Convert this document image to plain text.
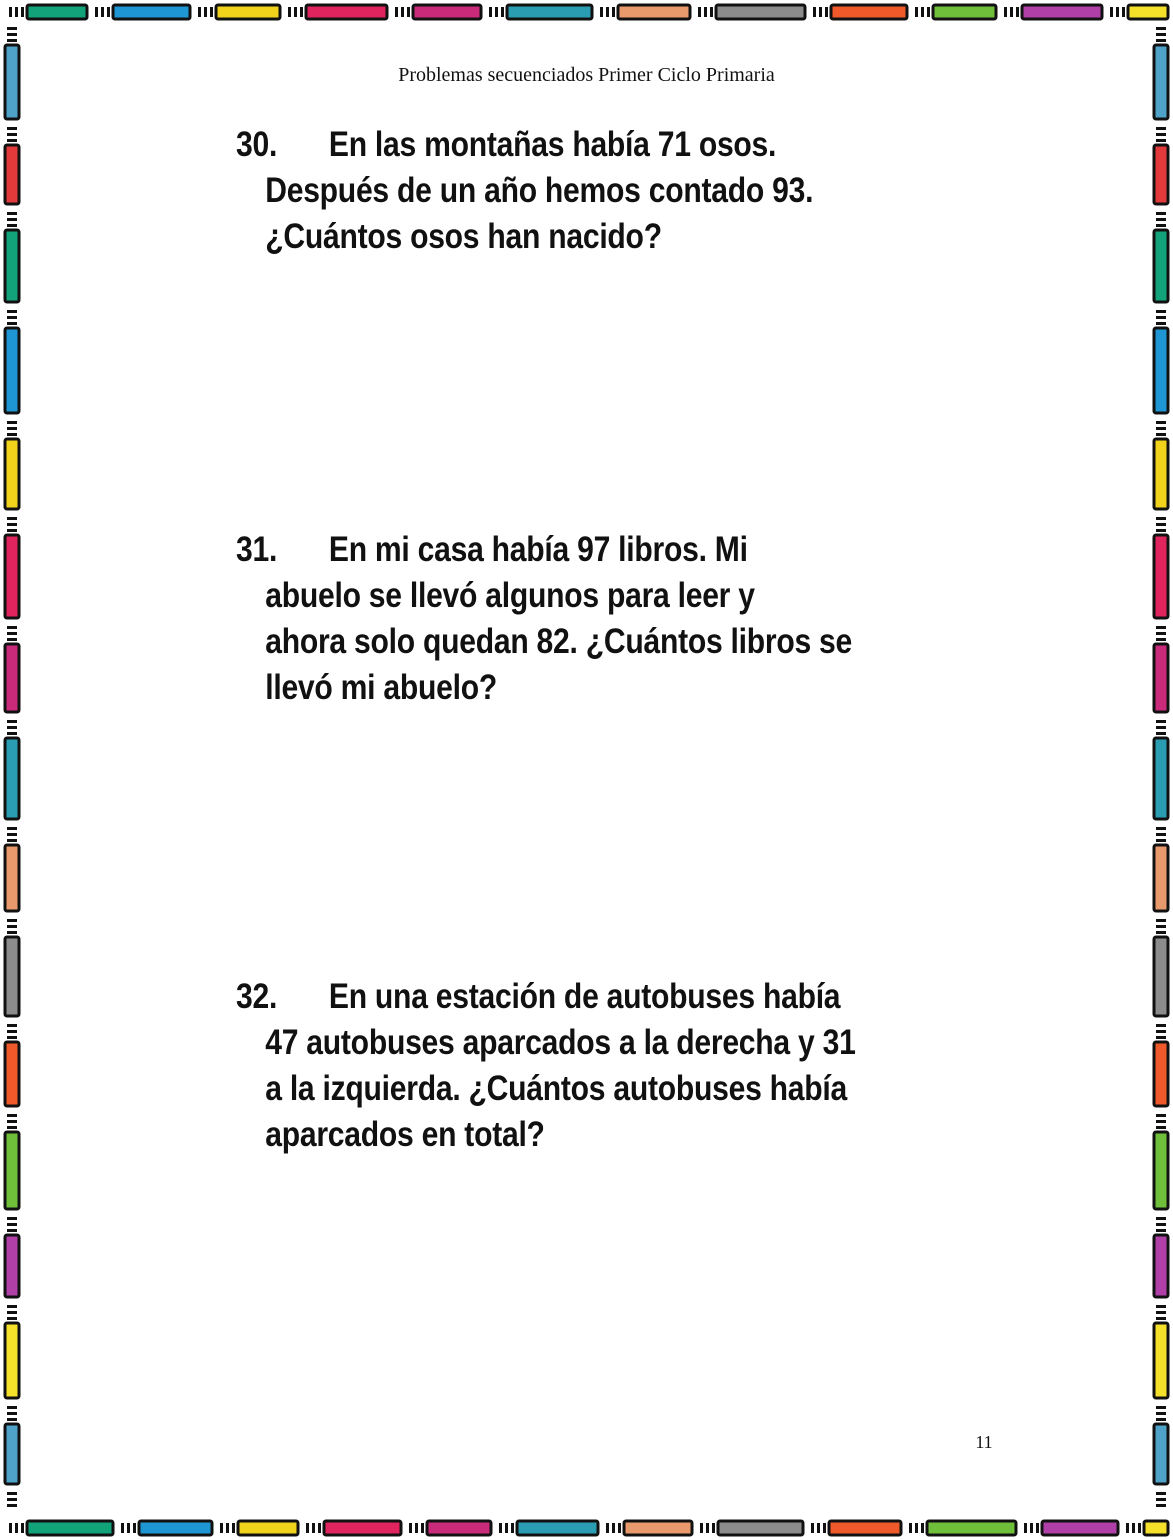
Problemas secuenciados Primer Ciclo Primaria
30. En las montañas había 71 osos.
Después de un año hemos contado 93.
¿Cuántos osos han nacido?
31. En mi casa había 97 libros. Mi
abuelo se llevó algunos para leer y
ahora solo quedan 82. ¿Cuántos libros se
llevó mi abuelo?
32. En una estación de autobuses había
47 autobuses aparcados a la derecha y 31
a la izquierda. ¿Cuántos autobuses había
aparcados en total?
11
